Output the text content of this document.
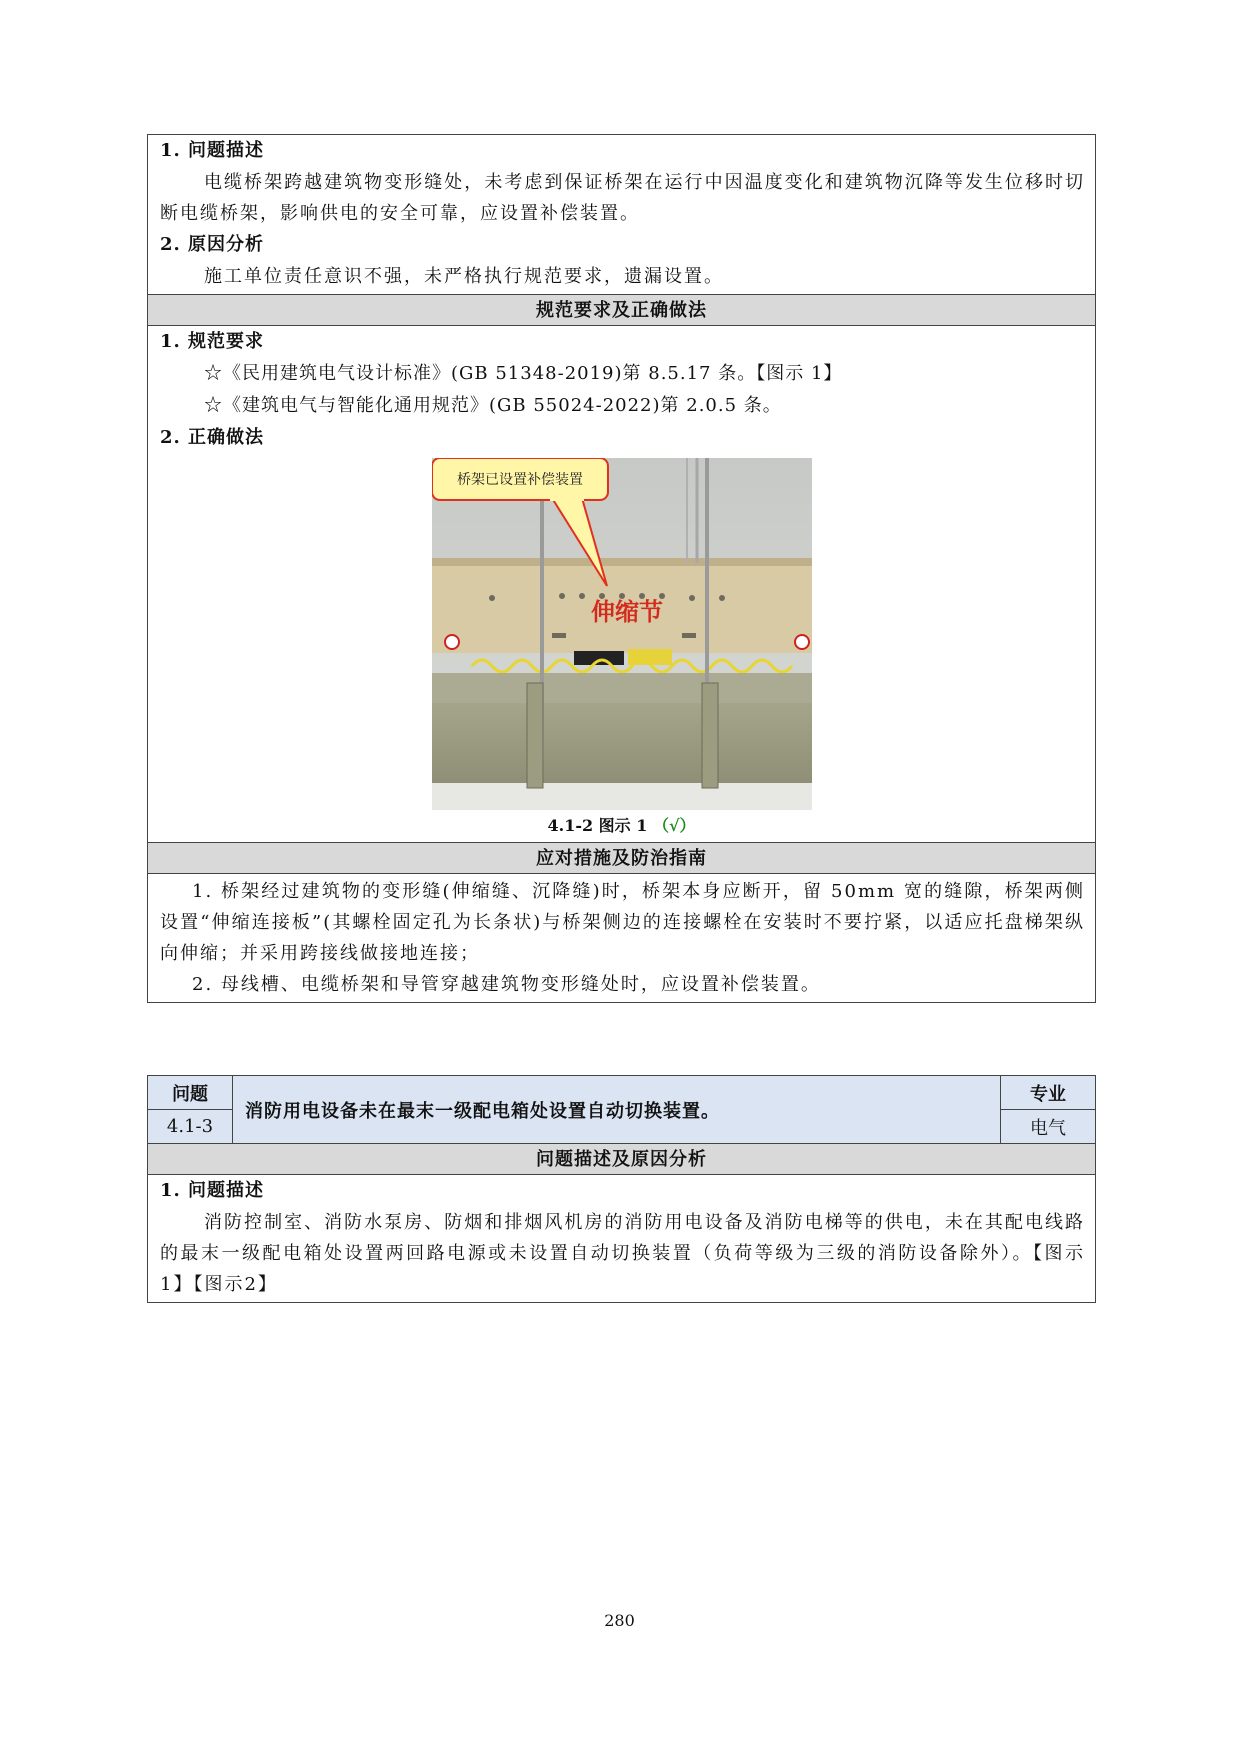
1. 问题描述
电缆桥架跨越建筑物变形缝处，未考虑到保证桥架在运行中因温度变化和建筑物沉降等发生位移时切断电缆桥架，影响供电的安全可靠，应设置补偿装置。
2. 原因分析
施工单位责任意识不强，未严格执行规范要求，遗漏设置。
规范要求及正确做法
1. 规范要求
☆《民用建筑电气设计标准》(GB 51348-2019)第 8.5.17 条。【图示 1】
☆《建筑电气与智能化通用规范》(GB 55024-2022)第 2.0.5 条。
2. 正确做法
伸缩节
桥架已设置补偿装置
4.1-2 图示 1 （√）
应对措施及防治指南
1. 桥架经过建筑物的变形缝(伸缩缝、沉降缝)时，桥架本身应断开，留 50mm 宽的缝隙，桥架两侧设置“伸缩连接板”(其螺栓固定孔为长条状)与桥架侧边的连接螺栓在安装时不要拧紧，以适应托盘梯架纵向伸缩；并采用跨接线做接地连接；
2. 母线槽、电缆桥架和导管穿越建筑物变形缝处时，应设置补偿装置。
问题
4.1-3
消防用电设备未在最末一级配电箱处设置自动切换装置。
专业
电气
问题描述及原因分析
1. 问题描述
消防控制室、消防水泵房、防烟和排烟风机房的消防用电设备及消防电梯等的供电，未在其配电线路的最末一级配电箱处设置两回路电源或未设置自动切换装置（负荷等级为三级的消防设备除外）。【图示1】【图示2】
280
